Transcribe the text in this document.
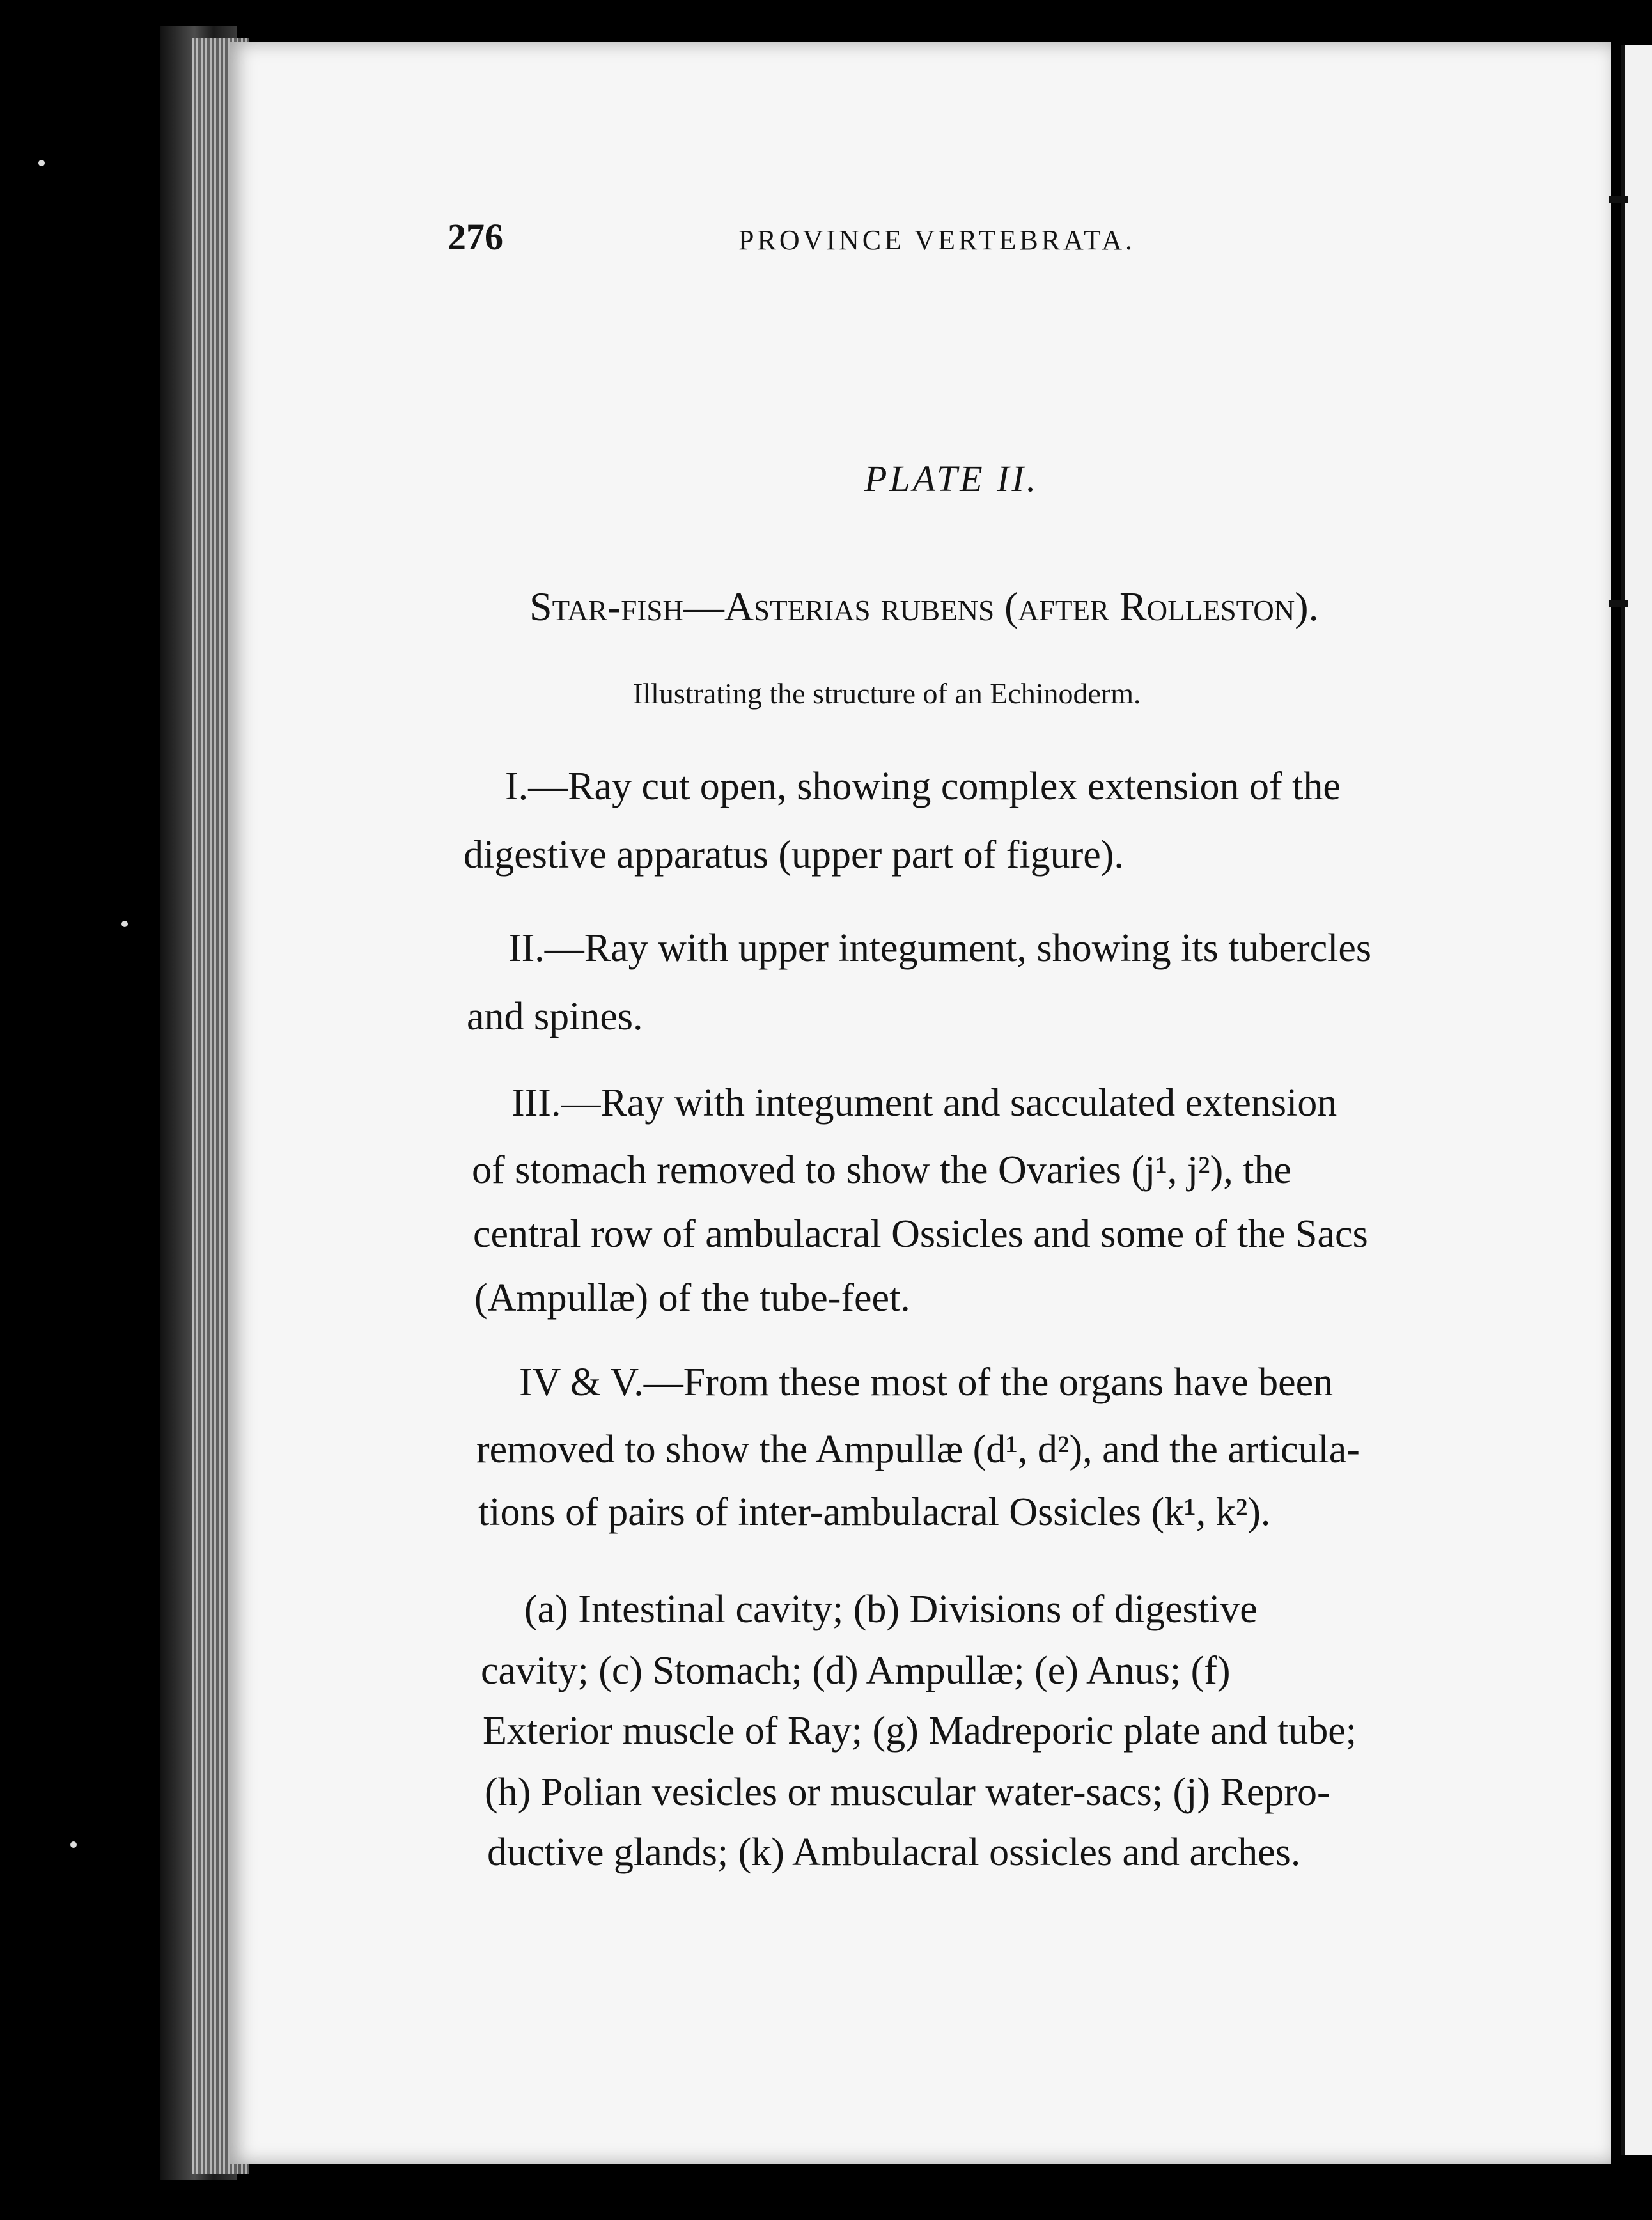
276	PROVINCE VERTEBRATA.
PLATE II.
Star-fish—Asterias rubens (after Rolleston).
Illustrating the structure of an Echinoderm.
I.—Ray cut open, showing complex extension of the
digestive apparatus (upper part of figure).
II.—Ray with upper integument, showing its tubercles
and spines.
III.—Ray with integument and sacculated extension
of stomach removed to show the Ovaries (j¹, j²), the
central row of ambulacral Ossicles and some of the Sacs
(Ampullæ) of the tube-feet.
IV & V.—From these most of the organs have been
removed to show the Ampullæ (d¹, d²), and the articula-
tions of pairs of inter-ambulacral Ossicles (k¹, k²).
(a) Intestinal cavity; (b) Divisions of digestive
cavity; (c) Stomach; (d) Ampullæ; (e) Anus; (f)
Exterior muscle of Ray; (g) Madreporic plate and tube;
(h) Polian vesicles or muscular water-sacs; (j) Repro-
ductive glands; (k) Ambulacral ossicles and arches.
